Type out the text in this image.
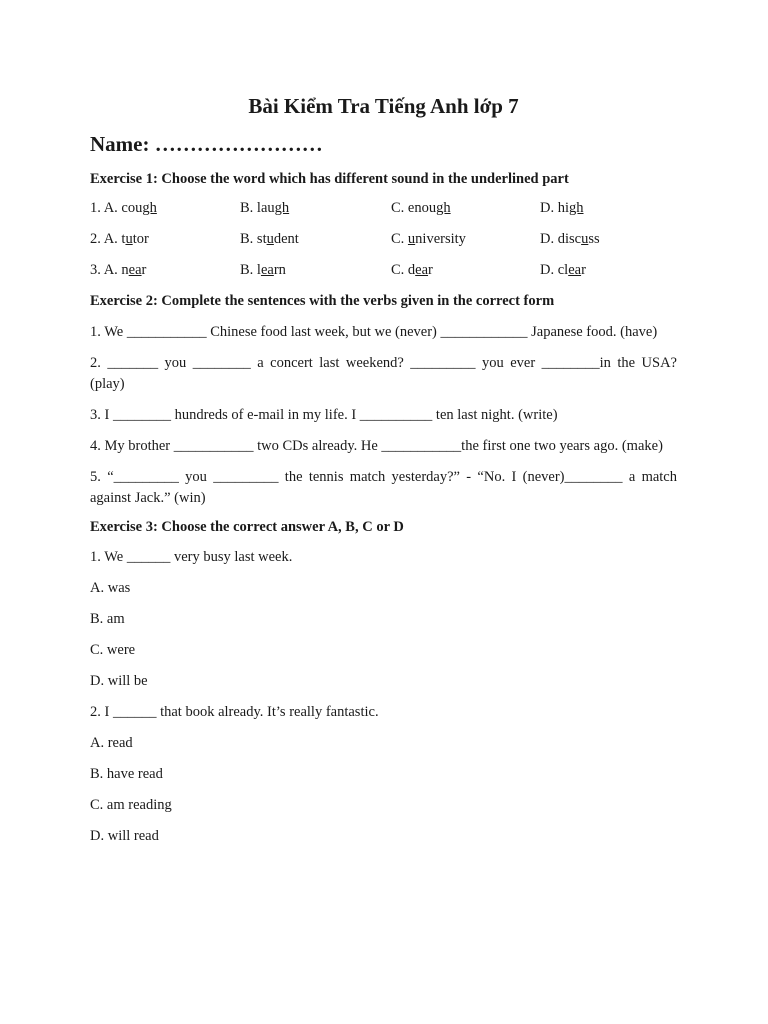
Bài Kiểm Tra Tiếng Anh lớp 7
Name: ……………………
Exercise 1: Choose the word which has different sound in the underlined part
1. A. cough	B. laugh	C. enough	D. high
2. A. tutor	B. student	C. university	D. discuss
3. A. near	B. learn	C. dear	D. clear
Exercise 2: Complete the sentences with the verbs given in the correct form

1. We ___________ Chinese food last week, but we (never) ____________ Japanese food. (have)

2. _______ you ________ a concert last weekend? _________ you ever ________in the USA? (play)

3. I ________ hundreds of e-mail in my life. I __________ ten last night. (write)

4. My brother ___________ two CDs already. He ___________the first one two years ago. (make)

5. “_________ you _________ the tennis match yesterday?” - “No. I (never)________ a match against Jack.” (win)

Exercise 3: Choose the correct answer A, B, C or D
1. We ______ very busy last week.
A. was
B. am
C. were
D. will be
2. I ______ that book already. It’s really fantastic.
A. read
B. have read
C. am reading
D. will read
